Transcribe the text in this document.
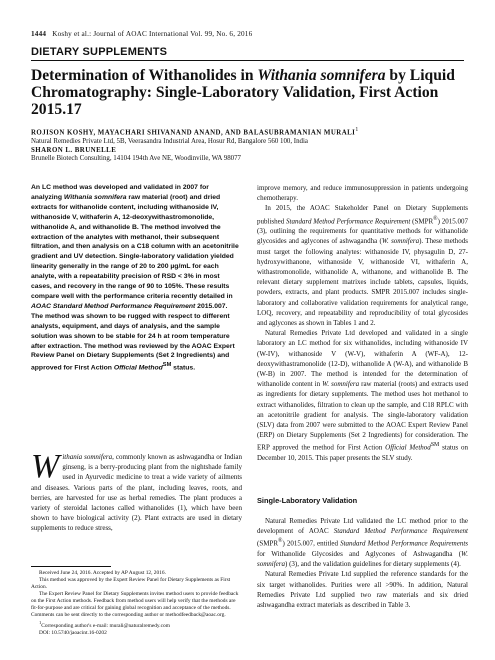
1444 Koshy et al.: Journal of AOAC International Vol. 99, No. 6, 2016
DIETARY SUPPLEMENTS
Determination of Withanolides in Withania somnifera by Liquid Chromatography: Single-Laboratory Validation, First Action 2015.17
ROJISON KOSHY, MAYACHARI SHIVANAND ANAND, AND BALASUBRAMANIAN MURALI$^1$
Natural Remedies Private Ltd, 5B, Veerasandra Industrial Area, Hosur Rd, Bangalore 560 100, India
SHARON L. BRUNELLE
Brunelle Biotech Consulting, 14104 194th Ave NE, Woodinville, WA 98077
An LC method was developed and validated in 2007 for analyzing Withania somnifera raw material (root) and dried extracts for withanolide content, including withanoside IV, withanoside V, withaferin A, 12-deoxywithastromonolide, withanolide A, and withanolide B. The method involved the extraction of the analytes with methanol, their subsequent filtration, and then analysis on a C18 column with an acetonitrile gradient and UV detection. Single-laboratory validation yielded linearity generally in the range of 20 to 200 µg/mL for each analyte, with a repeatability precision of RSD < 3% in most cases, and recovery in the range of 90 to 105%. These results compare well with the performance criteria recently detailed in AOAC Standard Method Performance Requirement 2015.007. The method was shown to be rugged with respect to different analysts, equipment, and days of analysis, and the sample solution was shown to be stable for 24 h at room temperature after extraction. The method was reviewed by the AOAC Expert Review Panel on Dietary Supplements (Set 2 Ingredients) and approved for First Action Official Method℠ status.
Withania somnifera, commonly known as ashwagandha or Indian ginseng, is a berry-producing plant from the nightshade family used in Ayurvedic medicine to treat a wide variety of ailments and diseases. Various parts of the plant, including leaves, roots, and berries, are harvested for use as herbal remedies. The plant produces a variety of steroidal lactones called withanolides (1), which have been shown to have biological activity (2). Plant extracts are used in dietary supplements to reduce stress,

Received June 24, 2016. Accepted by AP August 12, 2016.

This method was approved by the Expert Review Panel for Dietary Supplements as First Action.

The Expert Review Panel for Dietary Supplements invites method users to provide feedback on the First Action methods. Feedback from method users will help verify that the methods are fit-for-purpose and are critical for gaining global recognition and acceptance of the methods. Comments can be sent directly to the corresponding author or methodfeedback@aoac.org.

$^1$Corresponding author's e-mail: murali@naturalremedy.com

DOI: 10.5740/jaoacint.16-0202

improve memory, and reduce immunosuppression in patients undergoing chemotherapy.

In 2015, the AOAC Stakeholder Panel on Dietary Supplements published Standard Method Performance Requirement (SMPR®) 2015.007 (3), outlining the requirements for quantitative methods for withanolide glycosides and aglycones of ashwagandha (W. somnifera). These methods must target the following analytes: withanoside IV, physagulin D, 27-hydroxywithanone, withanoside V, withanoside VI, withaferin A, withastromonolide, withanolide A, withanone, and withanolide B. The relevant dietary supplement matrixes include tablets, capsules, liquids, powders, extracts, and plant products. SMPR 2015.007 includes single-laboratory and collaborative validation requirements for analytical range, LOQ, recovery, and repeatability and reproducibility of total glycosides and aglycones as shown in Tables 1 and 2.

Natural Remedies Private Ltd developed and validated in a single laboratory an LC method for six withanolides, including withanoside IV (W-IV), withanoside V (W-V), withaferin A (WF-A), 12-deoxywithastramonolide (12-D), withanolide A (W-A), and withanolide B (W-B) in 2007. The method is intended for the determination of withanolide content in W. somnifera raw material (roots) and extracts used as ingredients for dietary supplements. The method uses hot methanol to extract withanolides, filtration to clean up the sample, and C18 RPLC with an acetonitrile gradient for analysis. The single-laboratory validation (SLV) data from 2007 were submitted to the AOAC Expert Review Panel (ERP) on Dietary Supplements (Set 2 Ingredients) for consideration. The ERP approved the method for First Action Official Method℠ status on December 10, 2015. This paper presents the SLV study.

Single-Laboratory Validation

Natural Remedies Private Ltd validated the LC method prior to the development of AOAC Standard Method Performance Requirement (SMPR®) 2015.007, entitled Standard Method Performance Requirements for Withanolide Glycosides and Aglycones of Ashwagandha (W. somnifera) (3), and the validation guidelines for dietary supplements (4).

Natural Remedies Private Ltd supplied the reference standards for the six target withanolides. Purities were all >90%. In addition, Natural Remedies Private Ltd supplied two raw materials and six dried ashwagandha extract materials as described in Table 3.
